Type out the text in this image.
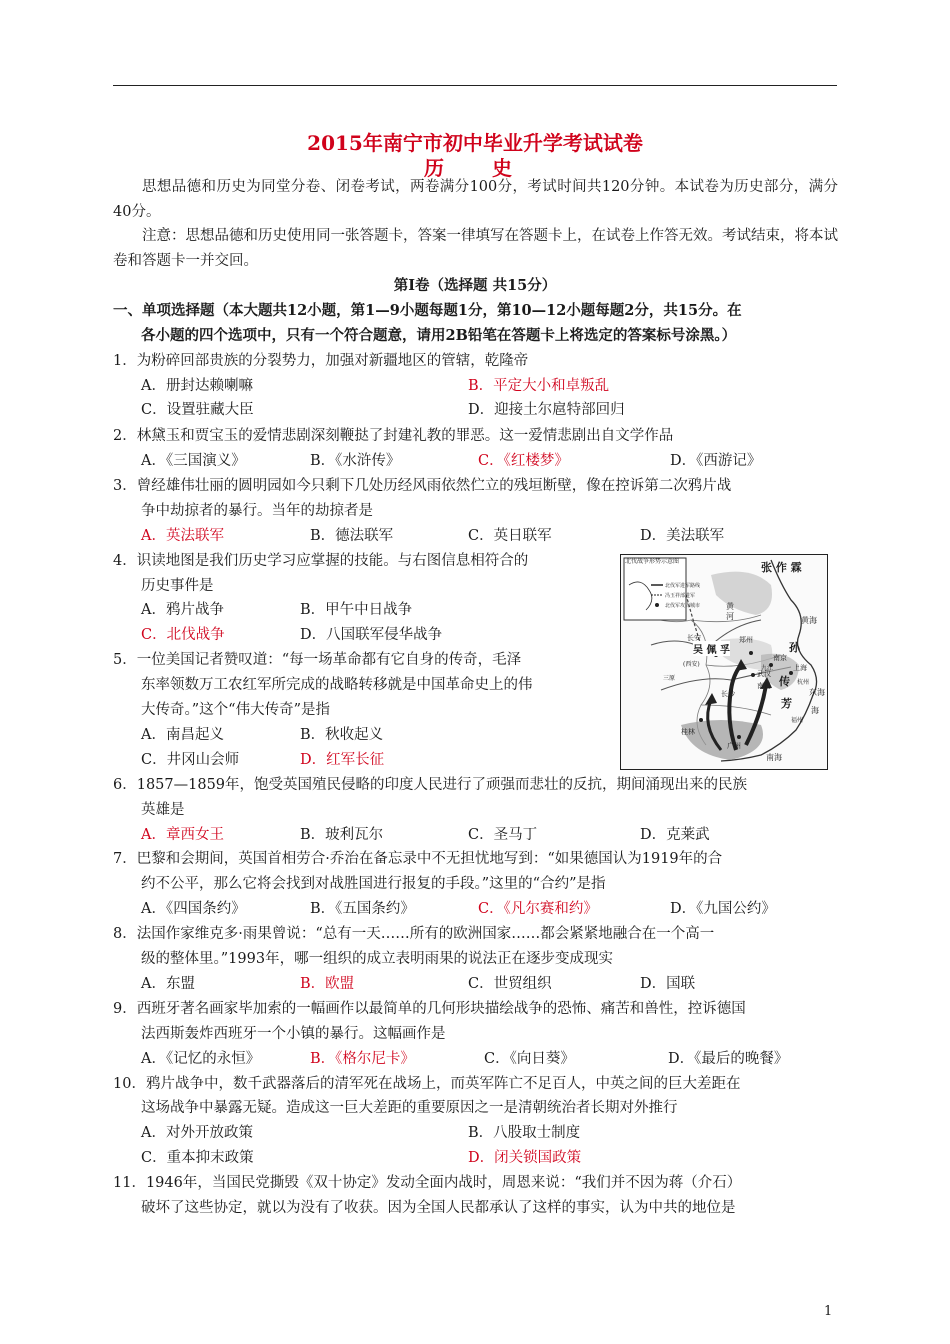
2015年南宁市初中毕业升学考试试卷
历　史
思想品德和历史为同堂分卷、闭卷考试，两卷满分100分，考试时间共120分钟。本试卷为历史部分，满分40分。
注意：思想品德和历史使用同一张答题卡，答案一律填写在答题卡上，在试卷上作答无效。考试结束，将本试卷和答题卡一并交回。
第Ⅰ卷（选择题 共15分）
一、单项选择题（本大题共12小题，第1—9小题每题1分，第10—12小题每题2分，共15分。在
各小题的四个选项中，只有一个符合题意，请用2B铅笔在答题卡上将选定的答案标号涂黑。）
1．为粉碎回部贵族的分裂势力，加强对新疆地区的管辖，乾隆帝
A．册封达赖喇嘛	B．平定大小和卓叛乱
C．设置驻藏大臣	D．迎接土尔扈特部回归
2．林黛玉和贾宝玉的爱情悲剧深刻鞭挞了封建礼教的罪恶。这一爱情悲剧出自文学作品
A．《三国演义》	B．《水浒传》	C．《红楼梦》	D．《西游记》
3．曾经雄伟壮丽的圆明园如今只剩下几处历经风雨依然伫立的残垣断壁，像在控诉第二次鸦片战
争中劫掠者的暴行。当年的劫掠者是
A．英法联军	B．德法联军	C．英日联军	D．美法联军
4．识读地图是我们历史学习应掌握的技能。与右图信息相符合的
历史事件是
A．鸦片战争	B．甲午中日战争
C．北伐战争	D．八国联军侵华战争
5．一位美国记者赞叹道：“每一场革命都有它自身的传奇，毛泽
东率领数万工农红军所完成的战略转移就是中国革命史上的伟
大传奇。”这个“伟大传奇”是指
A．南昌起义	B．秋收起义
C．井冈山会师	D．红军长征
北伐战争形势示意图
北伐军进军路线
冯玉祥部进军
北伐军攻占城市
张 作 霖
吴 佩 孚	孙
传
芳
黄
河	黄海
东海
海
南海
长安
(西安)
郑州
南京
武汉
上海
南昌
长沙
桂林
广州
九江
三原
杭州
福州
6．1857—1859年，饱受英国殖民侵略的印度人民进行了顽强而悲壮的反抗，期间涌现出来的民族
英雄是
A．章西女王	B．玻利瓦尔	C．圣马丁	D．克莱武
7．巴黎和会期间，英国首相劳合·乔治在备忘录中不无担忧地写到：“如果德国认为1919年的合
约不公平，那么它将会找到对战胜国进行报复的手段。”这里的“合约”是指
A．《四国条约》	B．《五国条约》	C．《凡尔赛和约》	D．《九国公约》
8．法国作家维克多·雨果曾说：“总有一天……所有的欧洲国家……都会紧紧地融合在一个高一
级的整体里。”1993年，哪一组织的成立表明雨果的说法正在逐步变成现实
A．东盟	B．欧盟	C．世贸组织	D．国联
9．西班牙著名画家毕加索的一幅画作以最简单的几何形块描绘战争的恐怖、痛苦和兽性，控诉德国
法西斯轰炸西班牙一个小镇的暴行。这幅画作是
A．《记忆的永恒》	B．《格尔尼卡》	C．《向日葵》	D．《最后的晚餐》
10．鸦片战争中，数千武器落后的清军死在战场上，而英军阵亡不足百人，中英之间的巨大差距在
这场战争中暴露无疑。造成这一巨大差距的重要原因之一是清朝统治者长期对外推行
A．对外开放政策	B．八股取士制度
C．重本抑末政策	D．闭关锁国政策
11．1946年，当国民党撕毁《双十协定》发动全面内战时，周恩来说：“我们并不因为蒋（介石）
破坏了这些协定，就以为没有了收获。因为全国人民都承认了这样的事实，认为中共的地位是
1
